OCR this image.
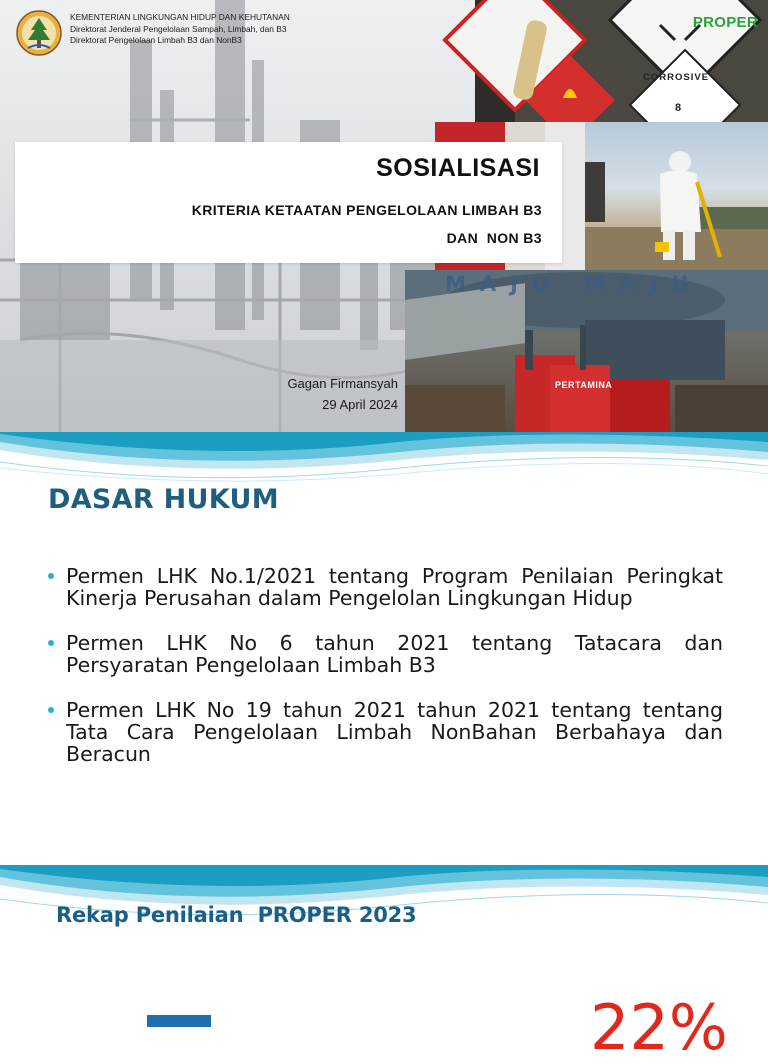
KEMENTERIAN LINGKUNGAN HIDUP DAN KEHUTANAN
Direktorat Jenderal Pengelolaan Sampah, Limbah, dan B3
Direktorat Pengelolaan Limbah B3 dan NonB3
PROPER
CORROSIVE
8
PERTAMINA
MAJU MAJU
SOSIALISASI
KRITERIA KETAATAN PENGELOLAAN LIMBAH B3
DAN  NON B3
Gagan Firmansyah
29 April 2024
DASAR HUKUM
Permen LHK No.1/2021 tentang Program Penilaian Peringkat Kinerja Perusahan dalam Pengelolan Lingkungan Hidup
Permen LHK No 6 tahun 2021 tentang Tatacara dan Persyaratan Pengelolaan Limbah B3
Permen LHK No 19 tahun 2021 tahun 2021 tentang tentang Tata Cara Pengelolaan Limbah NonBahan Berbahaya dan Beracun
Rekap Penilaian  PROPER 2023
22%
